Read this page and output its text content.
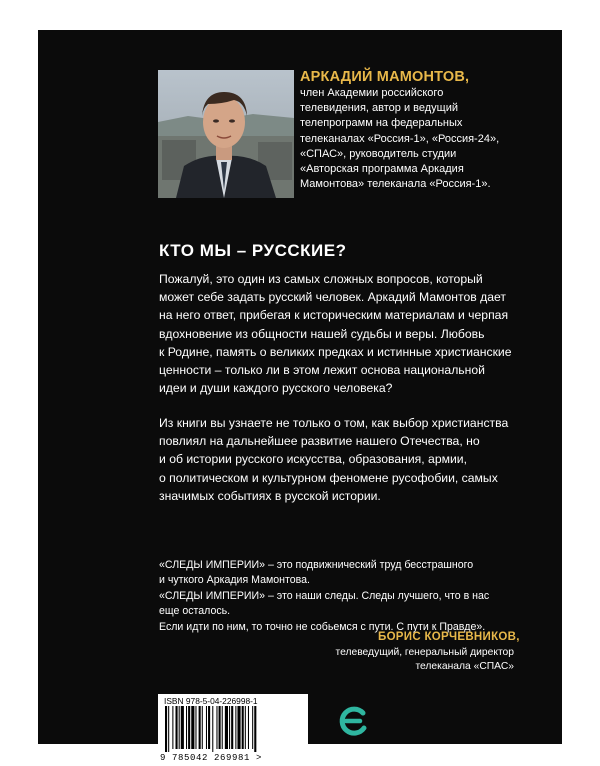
АРКАДИЙ МАМОНТОВ,
член Академии российского
телевидения, автор и ведущий
телепрограмм на федеральных
телеканалах «Россия-1», «Россия-24»,
«СПАС», руководитель студии
«Авторская программа Аркадия
Мамонтова» телеканала «Россия-1».
КТО МЫ – РУССКИЕ?
Пожалуй, это один из самых сложных вопросов, который
может себе задать русский человек. Аркадий Мамонтов дает
на него ответ, прибегая к историческим материалам и черпая
вдохновение из общности нашей судьбы и веры. Любовь
к Родине, память о великих предках и истинные христианские
ценности – только ли в этом лежит основа национальной
идеи и души каждого русского человека?
Из книги вы узнаете не только о том, как выбор христианства
повлиял на дальнейшее развитие нашего Отечества, но
и об истории русского искусства, образования, армии,
о политическом и культурном феномене русофобии, самых
значимых событиях в русской истории.
«СЛЕДЫ ИМПЕРИИ» – это подвижнический труд бесстрашного
и чуткого Аркадия Мамонтова.
«СЛЕДЫ ИМПЕРИИ» – это наши следы. Следы лучшего, что в нас
еще осталось.
Если идти по ним, то точно не собьемся с пути. С пути к Правде».
БОРИС КОРЧЕВНИКОВ,
телеведущий, генеральный директор
телеканала «СПАС»
ISBN 978-5-04-226998-1
9 785042 269981 >
